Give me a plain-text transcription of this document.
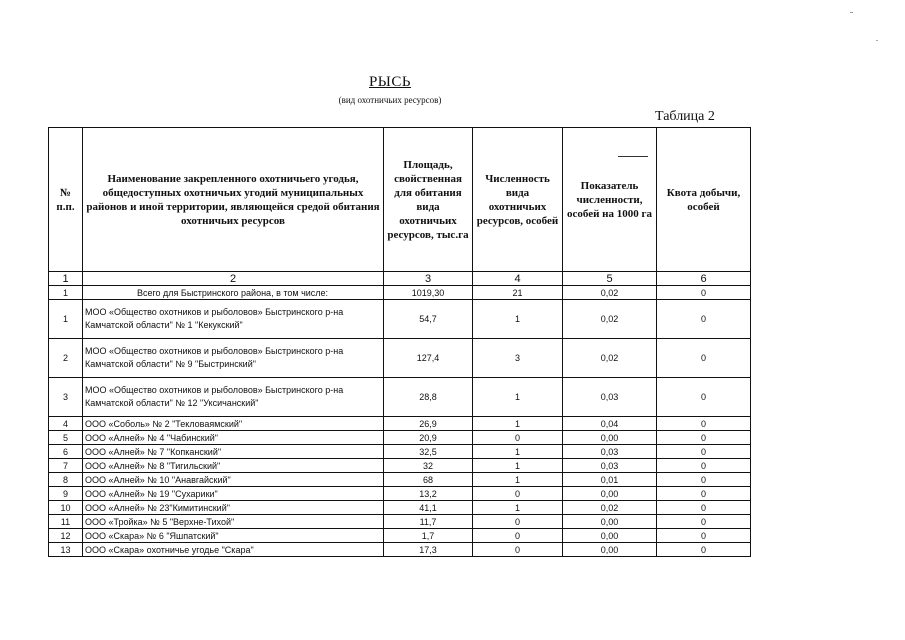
РЫСЬ
(вид охотничьих ресурсов)
Таблица 2
№ п.п.	Наименование закрепленного охотничьего угодья, общедоступных охотничьих угодий муниципальных районов и иной территории, являющейся средой обитания охотничьих ресурсов	Площадь, свойственная для обитания вида охотничьих ресурсов, тыс.га	Численность вида охотничьих ресурсов, особей	Показатель численности, особей на 1000 га	Квота добычи, особей
1	2	3	4	5	6
1	Всего для Быстринского района, в том числе:	1019,30	21	0,02	0
1	МОО «Общество охотников и рыболовов» Быстринского р-на Камчатской области" № 1 "Кекукский"	54,7	1	0,02	0
2	МОО «Общество охотников и рыболовов» Быстринского р-на Камчатской области" № 9 "Быстринский"	127,4	3	0,02	0
3	МОО «Общество охотников и рыболовов» Быстринского р-на Камчатской области" № 12 "Уксичанский"	28,8	1	0,03	0
4	ООО «Соболь» № 2 "Текловаямский"	26,9	1	0,04	0
5	ООО «Алней» № 4 "Чабинский"	20,9	0	0,00	0
6	ООО «Алней» № 7 "Копканский"	32,5	1	0,03	0
7	ООО «Алней» № 8 "Тигильский"	32	1	0,03	0
8	ООО «Алней» № 10 "Анавгайский"	68	1	0,01	0
9	ООО «Алней» № 19 "Сухарики"	13,2	0	0,00	0
10	ООО «Алней» № 23"Кимитинский"	41,1	1	0,02	0
11	ООО «Тройка» № 5 "Верхне-Тихой"	11,7	0	0,00	0
12	ООО «Скара» № 6 "Яшпатский"	1,7	0	0,00	0
13	ООО «Скара» охотничье угодье "Скара"	17,3	0	0,00	0
